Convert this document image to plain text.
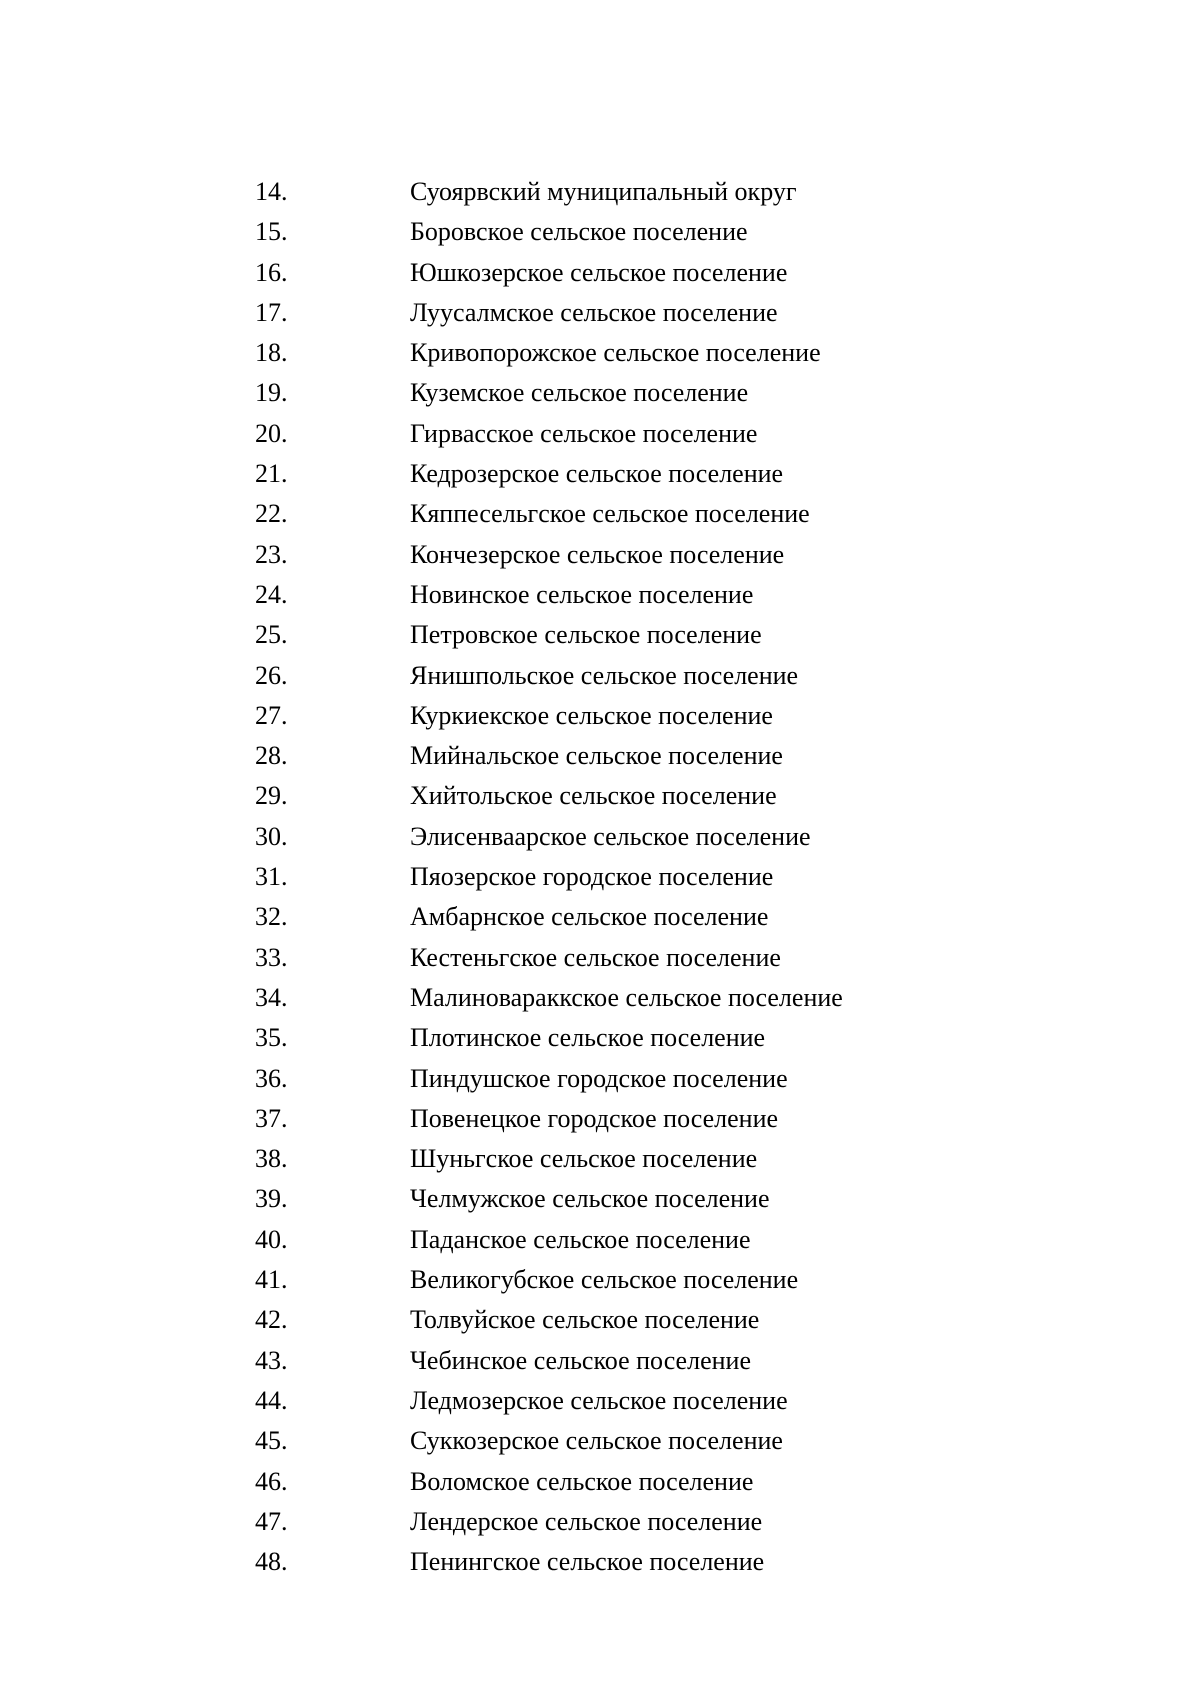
14.	Суоярвский муниципальный округ
15.	Боровское сельское поселение
16.	Юшкозерское сельское поселение
17.	Луусалмское сельское поселение
18.	Кривопорожское сельское поселение
19.	Куземское сельское поселение
20.	Гирвасское сельское поселение
21.	Кедрозерское сельское поселение
22.	Кяппесельгское сельское поселение
23.	Кончезерское сельское поселение
24.	Новинское сельское поселение
25.	Петровское сельское поселение
26.	Янишпольское сельское поселение
27.	Куркиекское сельское поселение
28.	Мийнальское сельское поселение
29.	Хийтольское сельское поселение
30.	Элисенваарское сельское поселение
31.	Пяозерское городское поселение
32.	Амбарнское сельское поселение
33.	Кестеньгское сельское поселение
34.	Малиновараккское сельское поселение
35.	Плотинское сельское поселение
36.	Пиндушское городское поселение
37.	Повенецкое городское поселение
38.	Шуньгское сельское поселение
39.	Челмужское сельское поселение
40.	Паданское сельское поселение
41.	Великогубское сельское поселение
42.	Толвуйское сельское поселение
43.	Чебинское сельское поселение
44.	Ледмозерское сельское поселение
45.	Суккозерское сельское поселение
46.	Воломское сельское поселение
47.	Лендерское сельское поселение
48.	Пенингское сельское поселение
